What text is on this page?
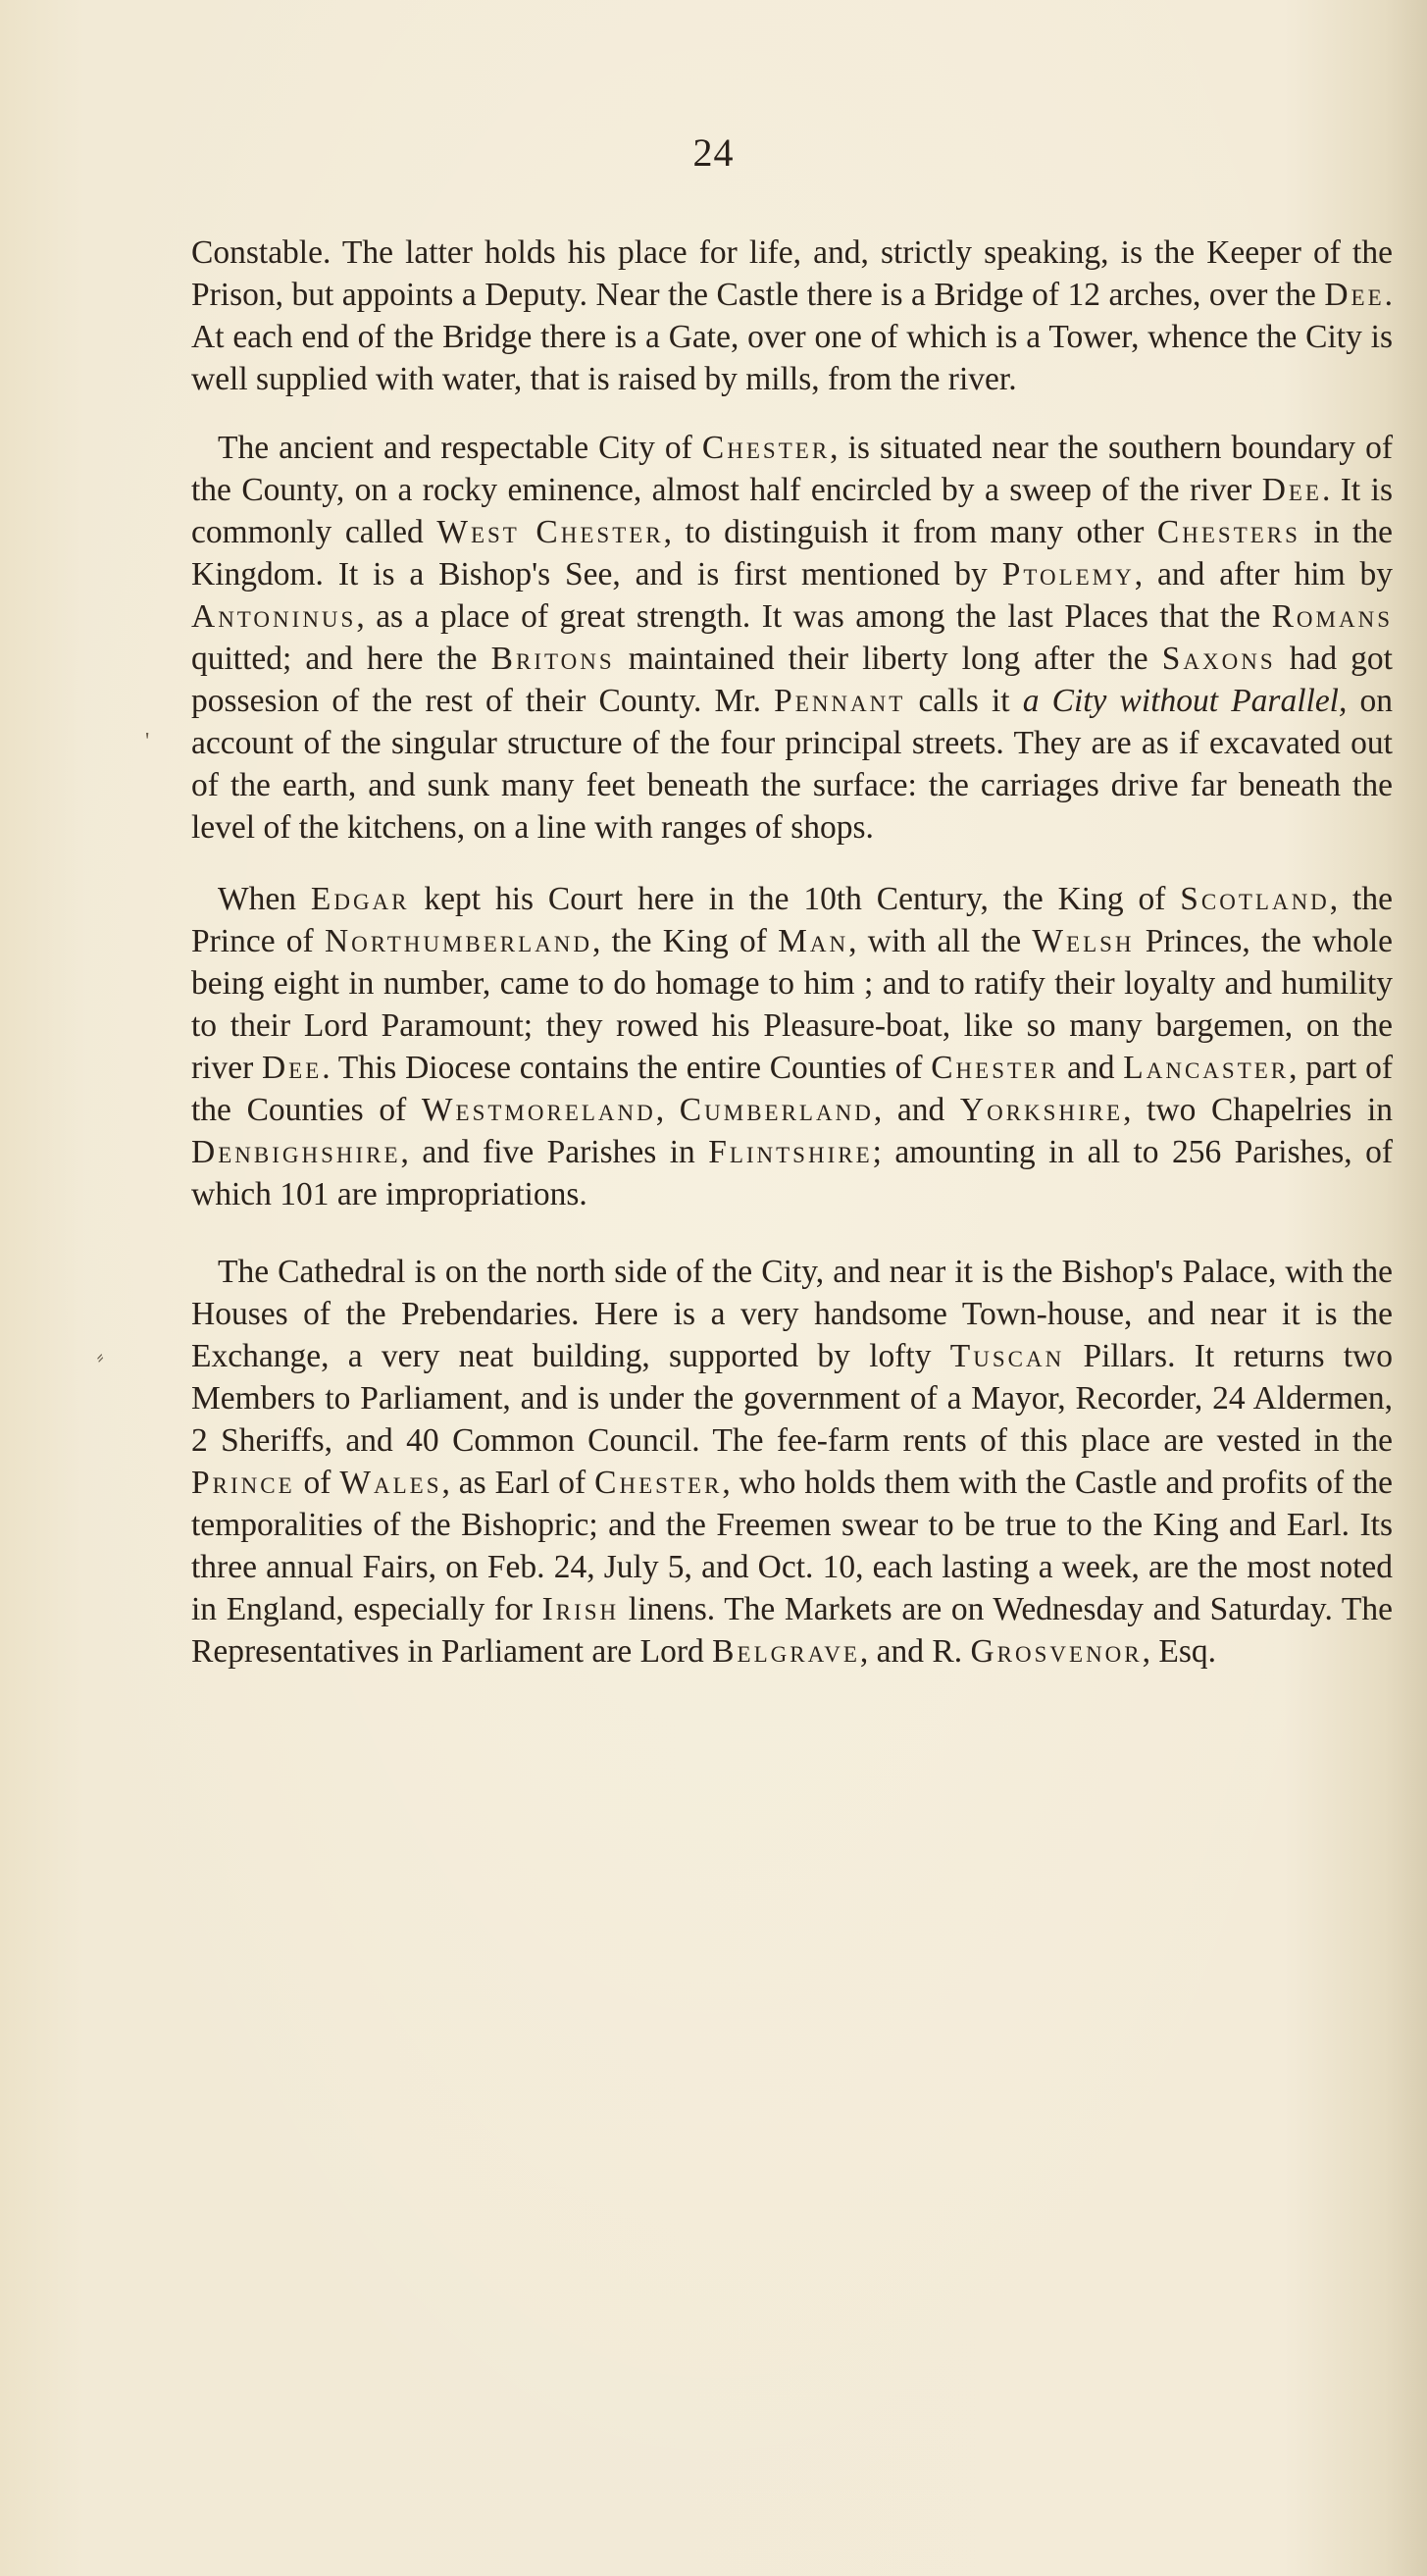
24
'
⸗

Constable. The latter holds his place for life, and, strictly speaking, is the Keeper of the Prison, but appoints a Deputy. Near the Castle there is a Bridge of 12 arches, over the Dee. At each end of the Bridge there is a Gate, over one of which is a Tower, whence the City is well supplied with water, that is raised by mills, from the river.

The ancient and respectable City of Chester, is situated near the southern boundary of the County, on a rocky eminence, almost half encircled by a sweep of the river Dee. It is commonly called West Chester, to distinguish it from many other Chesters in the Kingdom. It is a Bishop's See, and is first mentioned by Ptolemy, and after him by Antoninus, as a place of great strength. It was among the last Places that the Romans quitted; and here the Britons maintained their liberty long after the Saxons had got possesion of the rest of their County. Mr. Pennant calls it a City without Parallel, on account of the singular structure of the four principal streets. They are as if excavated out of the earth, and sunk many feet beneath the surface: the carriages drive far beneath the level of the kitchens, on a line with ranges of shops.

When Edgar kept his Court here in the 10th Century, the King of Scotland, the Prince of Northumberland, the King of Man, with all the Welsh Princes, the whole being eight in number, came to do homage to him ; and to ratify their loyalty and humility to their Lord Paramount; they rowed his Pleasure-boat, like so many bargemen, on the river Dee. This Diocese contains the entire Counties of Chester and Lancaster, part of the Counties of Westmoreland, Cumberland, and Yorkshire, two Chapelries in Denbighshire, and five Parishes in Flintshire; amounting in all to 256 Parishes, of which 101 are impropriations.

The Cathedral is on the north side of the City, and near it is the Bishop's Palace, with the Houses of the Prebendaries. Here is a very handsome Town-house, and near it is the Exchange, a very neat building, supported by lofty Tuscan Pillars. It returns two Members to Parliament, and is under the government of a Mayor, Recorder, 24 Aldermen, 2 Sheriffs, and 40 Common Council. The fee-farm rents of this place are vested in the Prince of Wales, as Earl of Chester, who holds them with the Castle and profits of the temporalities of the Bishopric; and the Freemen swear to be true to the King and Earl. Its three annual Fairs, on Feb. 24, July 5, and Oct. 10, each lasting a week, are the most noted in England, especially for Irish linens. The Markets are on Wednesday and Saturday. The Representatives in Parliament are Lord Belgrave, and R. Grosvenor, Esq.
